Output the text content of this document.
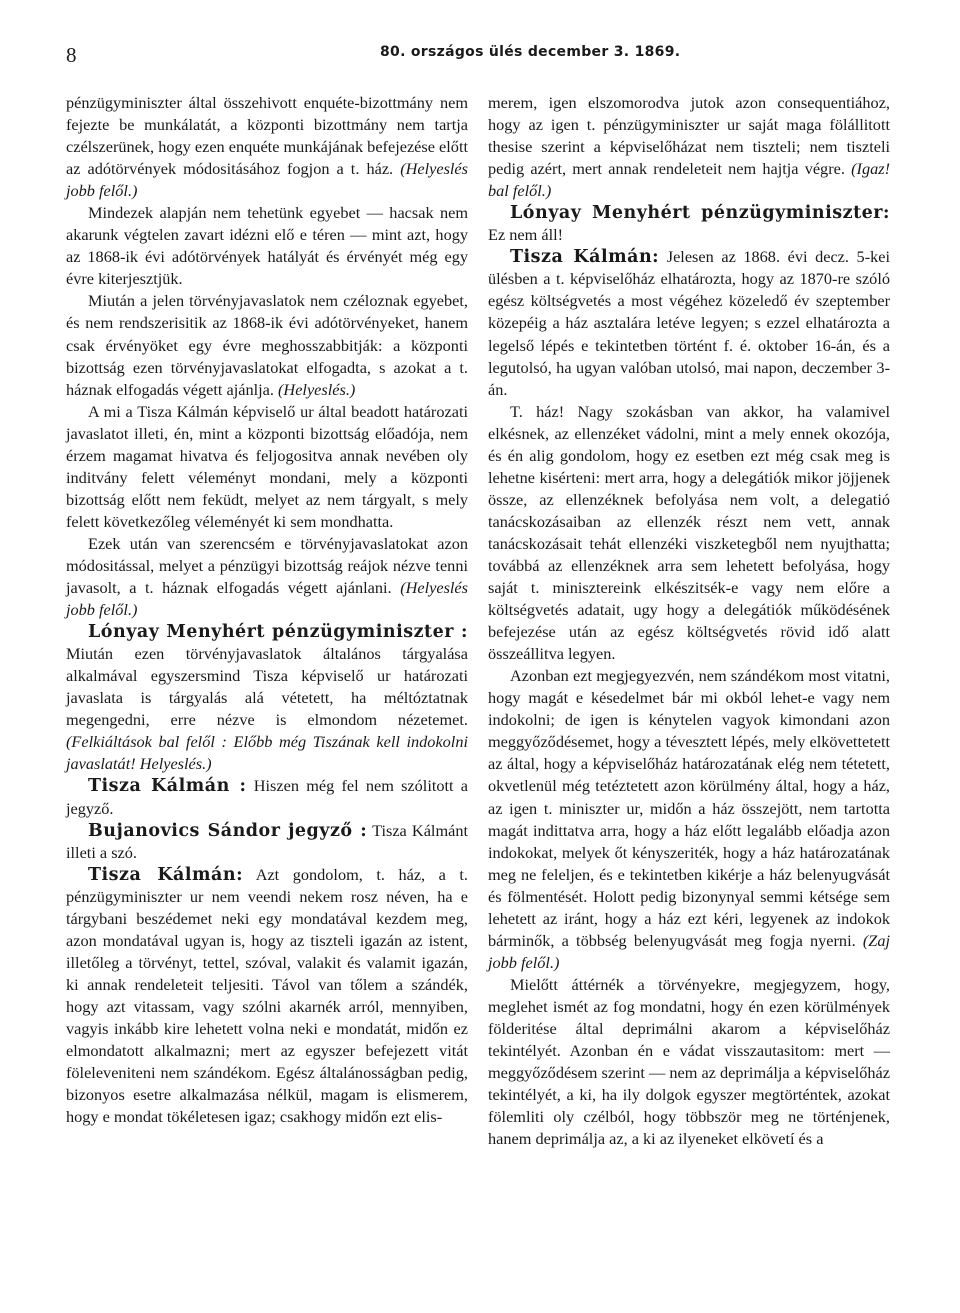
8	80. országos ülés december 3. 1869.

pénzügyminiszter által összehivott enquéte-bizottmány nem fejezte be munkálatát, a központi bizottmány nem tartja czélszerünek, hogy ezen enquéte munkájának befejezése előtt az adótörvények módositásához fogjon a t. ház. (Helyeslés jobb felől.)

Mindezek alapján nem tehetünk egyebet — hacsak nem akarunk végtelen zavart idézni elő e téren — mint azt, hogy az 1868-ik évi adótörvények hatályát és érvényét még egy évre kiterjesztjük.

Miután a jelen törvényjavaslatok nem czéloznak egyebet, és nem rendszerisitik az 1868-ik évi adótörvényeket, hanem csak érvényöket egy évre meghosszabbitják: a központi bizottság ezen törvényjavaslatokat elfogadta, s azokat a t. háznak elfogadás végett ajánlja. (Helyeslés.)

A mi a Tisza Kálmán képviselő ur által beadott határozati javaslatot illeti, én, mint a központi bizottság előadója, nem érzem magamat hivatva és feljogositva annak nevében oly inditvány felett véleményt mondani, mely a központi bizottság előtt nem feküdt, melyet az nem tárgyalt, s mely felett következőleg véleményét ki sem mondhatta.

Ezek után van szerencsém e törvényjavaslatokat azon módositással, melyet a pénzügyi bizottság reájok nézve tenni javasolt, a t. háznak elfogadás végett ajánlani. (Helyeslés jobb felől.)

Lónyay Menyhért pénzügyminiszter : Miután ezen törvényjavaslatok általános tárgyalása alkalmával egyszersmind Tisza képviselő ur határozati javaslata is tárgyalás alá vétetett, ha méltóztatnak megengedni, erre nézve is elmondom nézetemet. (Felkiáltások bal felől : Előbb még Tiszának kell indokolni javaslatát! Helyeslés.)

Tisza Kálmán : Hiszen még fel nem szólitott a jegyző.

Bujanovics Sándor jegyző : Tisza Kálmánt illeti a szó.

Tisza Kálmán: Azt gondolom, t. ház, a t. pénzügyminiszter ur nem veendi nekem rosz néven, ha e tárgybani beszédemet neki egy mondatával kezdem meg, azon mondatával ugyan is, hogy az tiszteli igazán az istent, illetőleg a törvényt, tettel, szóval, valakit és valamit igazán, ki annak rendeleteit teljesiti. Távol van tőlem a szándék, hogy azt vitassam, vagy szólni akarnék arról, mennyiben, vagyis inkább kire lehetett volna neki e mondatát, midőn ez elmondatott alkalmazni; mert az egyszer befejezett vitát föleleveniteni nem szándékom. Egész általánosságban pedig, bizonyos esetre alkalmazása nélkül, magam is elismerem, hogy e mondat tökéletesen igaz; csakhogy midőn ezt elis-

merem, igen elszomorodva jutok azon consequentiához, hogy az igen t. pénzügyminiszter ur saját maga fölállitott thesise szerint a képviselőházat nem tiszteli; nem tiszteli pedig azért, mert annak rendeleteit nem hajtja végre. (Igaz! bal felől.)

Lónyay Menyhért pénzügyminiszter: Ez nem áll!

Tisza Kálmán: Jelesen az 1868. évi decz. 5-kei ülésben a t. képviselőház elhatározta, hogy az 1870-re szóló egész költségvetés a most végéhez közeledő év szeptember közepéig a ház asztalára letéve legyen; s ezzel elhatározta a legelső lépés e tekintetben történt f. é. oktober 16-án, és a legutolsó, ha ugyan valóban utolsó, mai napon, deczember 3-án.

T. ház! Nagy szokásban van akkor, ha valamivel elkésnek, az ellenzéket vádolni, mint a mely ennek okozója, és én alig gondolom, hogy ez esetben ezt még csak meg is lehetne kisérteni: mert arra, hogy a delegátiók mikor jöjjenek össze, az ellenzéknek befolyása nem volt, a delegatió tanácskozásaiban az ellenzék részt nem vett, annak tanácskozásait tehát ellenzéki viszketegből nem nyujthatta; továbbá az ellenzéknek arra sem lehetett befolyása, hogy saját t. minisztereink elkészitsék-e vagy nem előre a költségvetés adatait, ugy hogy a delegátiók működésének befejezése után az egész költségvetés rövid idő alatt összeállitva legyen.

Azonban ezt megjegyezvén, nem szándékom most vitatni, hogy magát e késedelmet bár mi okból lehet-e vagy nem indokolni; de igen is kénytelen vagyok kimondani azon meggyőződésemet, hogy a tévesztett lépés, mely elkövettetett az által, hogy a képviselőház határozatának elég nem tétetett, okvetlenül még tetéztetett azon körülmény által, hogy a ház, az igen t. miniszter ur, midőn a ház összejött, nem tartotta magát indittatva arra, hogy a ház előtt legalább előadja azon indokokat, melyek őt kényszeriték, hogy a ház határozatának meg ne feleljen, és e tekintetben kikérje a ház belenyugvását és fölmentését. Holott pedig bizonynyal semmi kétsége sem lehetett az iránt, hogy a ház ezt kéri, legyenek az indokok bárminők, a többség belenyugvását meg fogja nyerni. (Zaj jobb felől.)

Mielőtt áttérnék a törvényekre, megjegyzem, hogy, meglehet ismét az fog mondatni, hogy én ezen körülmények földeritése által deprimálni akarom a képviselőház tekintélyét. Azonban én e vádat visszautasitom: mert — meggyőződésem szerint — nem az deprimálja a képviselőház tekintélyét, a ki, ha ily dolgok egyszer megtörténtek, azokat fölemliti oly czélból, hogy többször meg ne történjenek, hanem deprimálja az, a ki az ilyeneket elkövetí és a
